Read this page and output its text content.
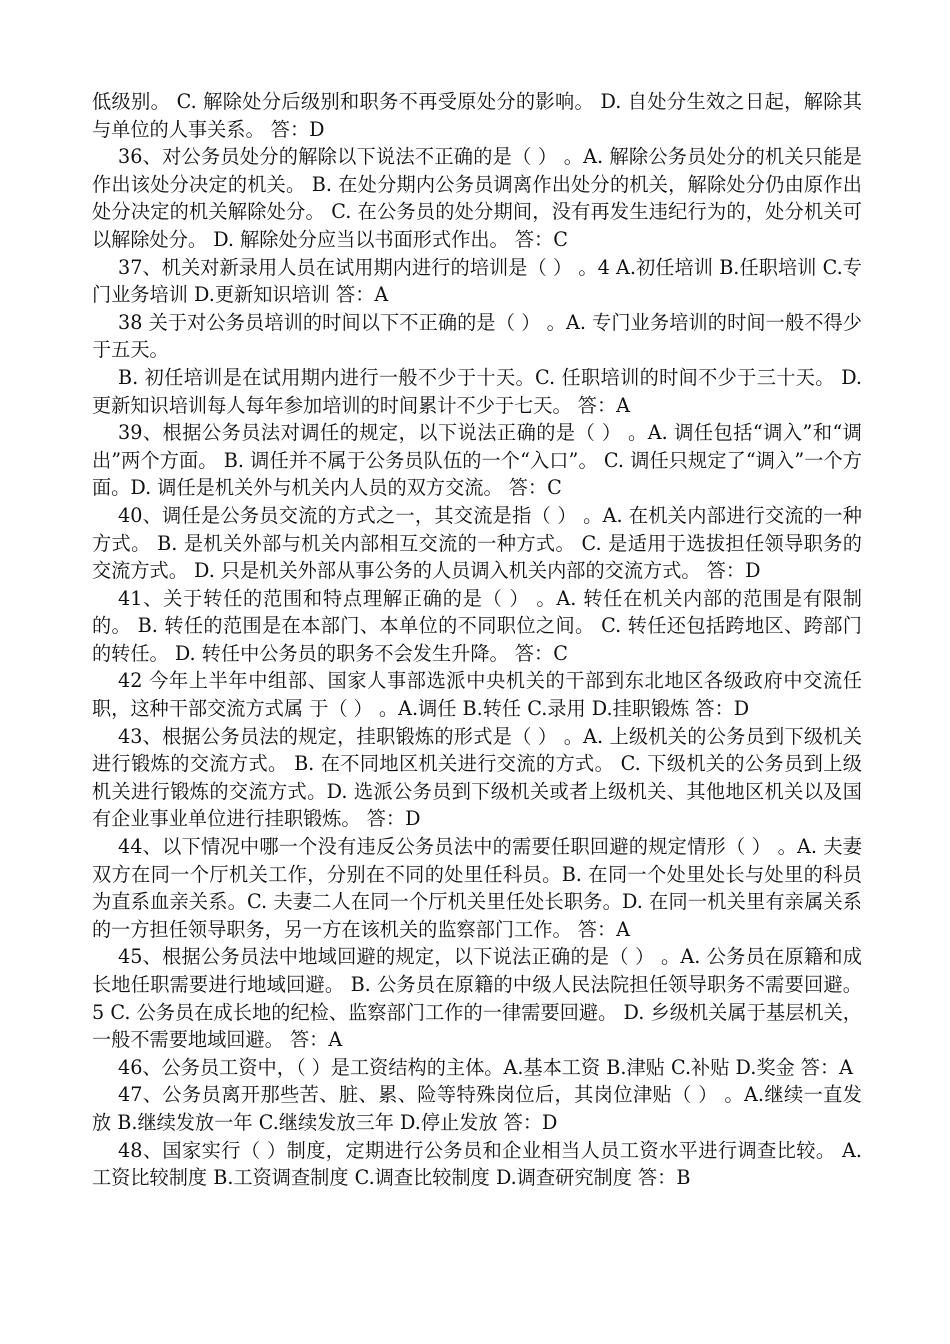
低级别。 C. 解除处分后级别和职务不再受原处分的影响。 D. 自处分生效之日起，解除其与单位的人事关系。 答：D

36、对公务员处分的解除以下说法不正确的是（ ） 。A. 解除公务员处分的机关只能是作出该处分决定的机关。 B. 在处分期内公务员调离作出处分的机关，解除处分仍由原作出处分决定的机关解除处分。 C. 在公务员的处分期间，没有再发生违纪行为的，处分机关可以解除处分。 D. 解除处分应当以书面形式作出。 答：C

37、机关对新录用人员在试用期内进行的培训是（ ） 。4 A.初任培训 B.任职培训 C.专门业务培训 D.更新知识培训 答：A

38 关于对公务员培训的时间以下不正确的是（ ） 。A. 专门业务培训的时间一般不得少于五天。

B. 初任培训是在试用期内进行一般不少于十天。C. 任职培训的时间不少于三十天。 D. 更新知识培训每人每年参加培训的时间累计不少于七天。 答：A

39、根据公务员法对调任的规定，以下说法正确的是（ ） 。A. 调任包括“调入”和“调出”两个方面。 B. 调任并不属于公务员队伍的一个“入口”。 C. 调任只规定了“调入”一个方面。D. 调任是机关外与机关内人员的双方交流。 答：C

40、调任是公务员交流的方式之一，其交流是指（ ） 。A. 在机关内部进行交流的一种方式。 B. 是机关外部与机关内部相互交流的一种方式。 C. 是适用于选拔担任领导职务的交流方式。 D. 只是机关外部从事公务的人员调入机关内部的交流方式。 答：D

41、关于转任的范围和特点理解正确的是（ ） 。A. 转任在机关内部的范围是有限制的。 B. 转任的范围是在本部门、本单位的不同职位之间。 C. 转任还包括跨地区、跨部门的转任。 D. 转任中公务员的职务不会发生升降。 答：C

42 今年上半年中组部、国家人事部选派中央机关的干部到东北地区各级政府中交流任职，这种干部交流方式属 于（ ） 。A.调任 B.转任 C.录用 D.挂职锻炼 答：D

43、根据公务员法的规定，挂职锻炼的形式是（ ） 。A. 上级机关的公务员到下级机关进行锻炼的交流方式。 B. 在不同地区机关进行交流的方式。 C. 下级机关的公务员到上级机关进行锻炼的交流方式。D. 选派公务员到下级机关或者上级机关、其他地区机关以及国有企业事业单位进行挂职锻炼。 答：D

44、以下情况中哪一个没有违反公务员法中的需要任职回避的规定情形（ ） 。A. 夫妻双方在同一个厅机关工作，分别在不同的处里任科员。B. 在同一个处里处长与处里的科员为直系血亲关系。C. 夫妻二人在同一个厅机关里任处长职务。D. 在同一机关里有亲属关系的一方担任领导职务，另一方在该机关的监察部门工作。 答：A

45、根据公务员法中地域回避的规定，以下说法正确的是（ ） 。A. 公务员在原籍和成长地任职需要进行地域回避。 B. 公务员在原籍的中级人民法院担任领导职务不需要回避。 5 C. 公务员在成长地的纪检、监察部门工作的一律需要回避。 D. 乡级机关属于基层机关，一般不需要地域回避。 答：A

46、公务员工资中，（ ）是工资结构的主体。A.基本工资 B.津贴 C.补贴 D.奖金 答：A

47、公务员离开那些苦、脏、累、险等特殊岗位后，其岗位津贴（ ） 。A.继续一直发放 B.继续发放一年 C.继续发放三年 D.停止发放 答：D

48、国家实行（ ）制度，定期进行公务员和企业相当人员工资水平进行调查比较。 A.工资比较制度 B.工资调查制度 C.调查比较制度 D.调查研究制度 答：B
